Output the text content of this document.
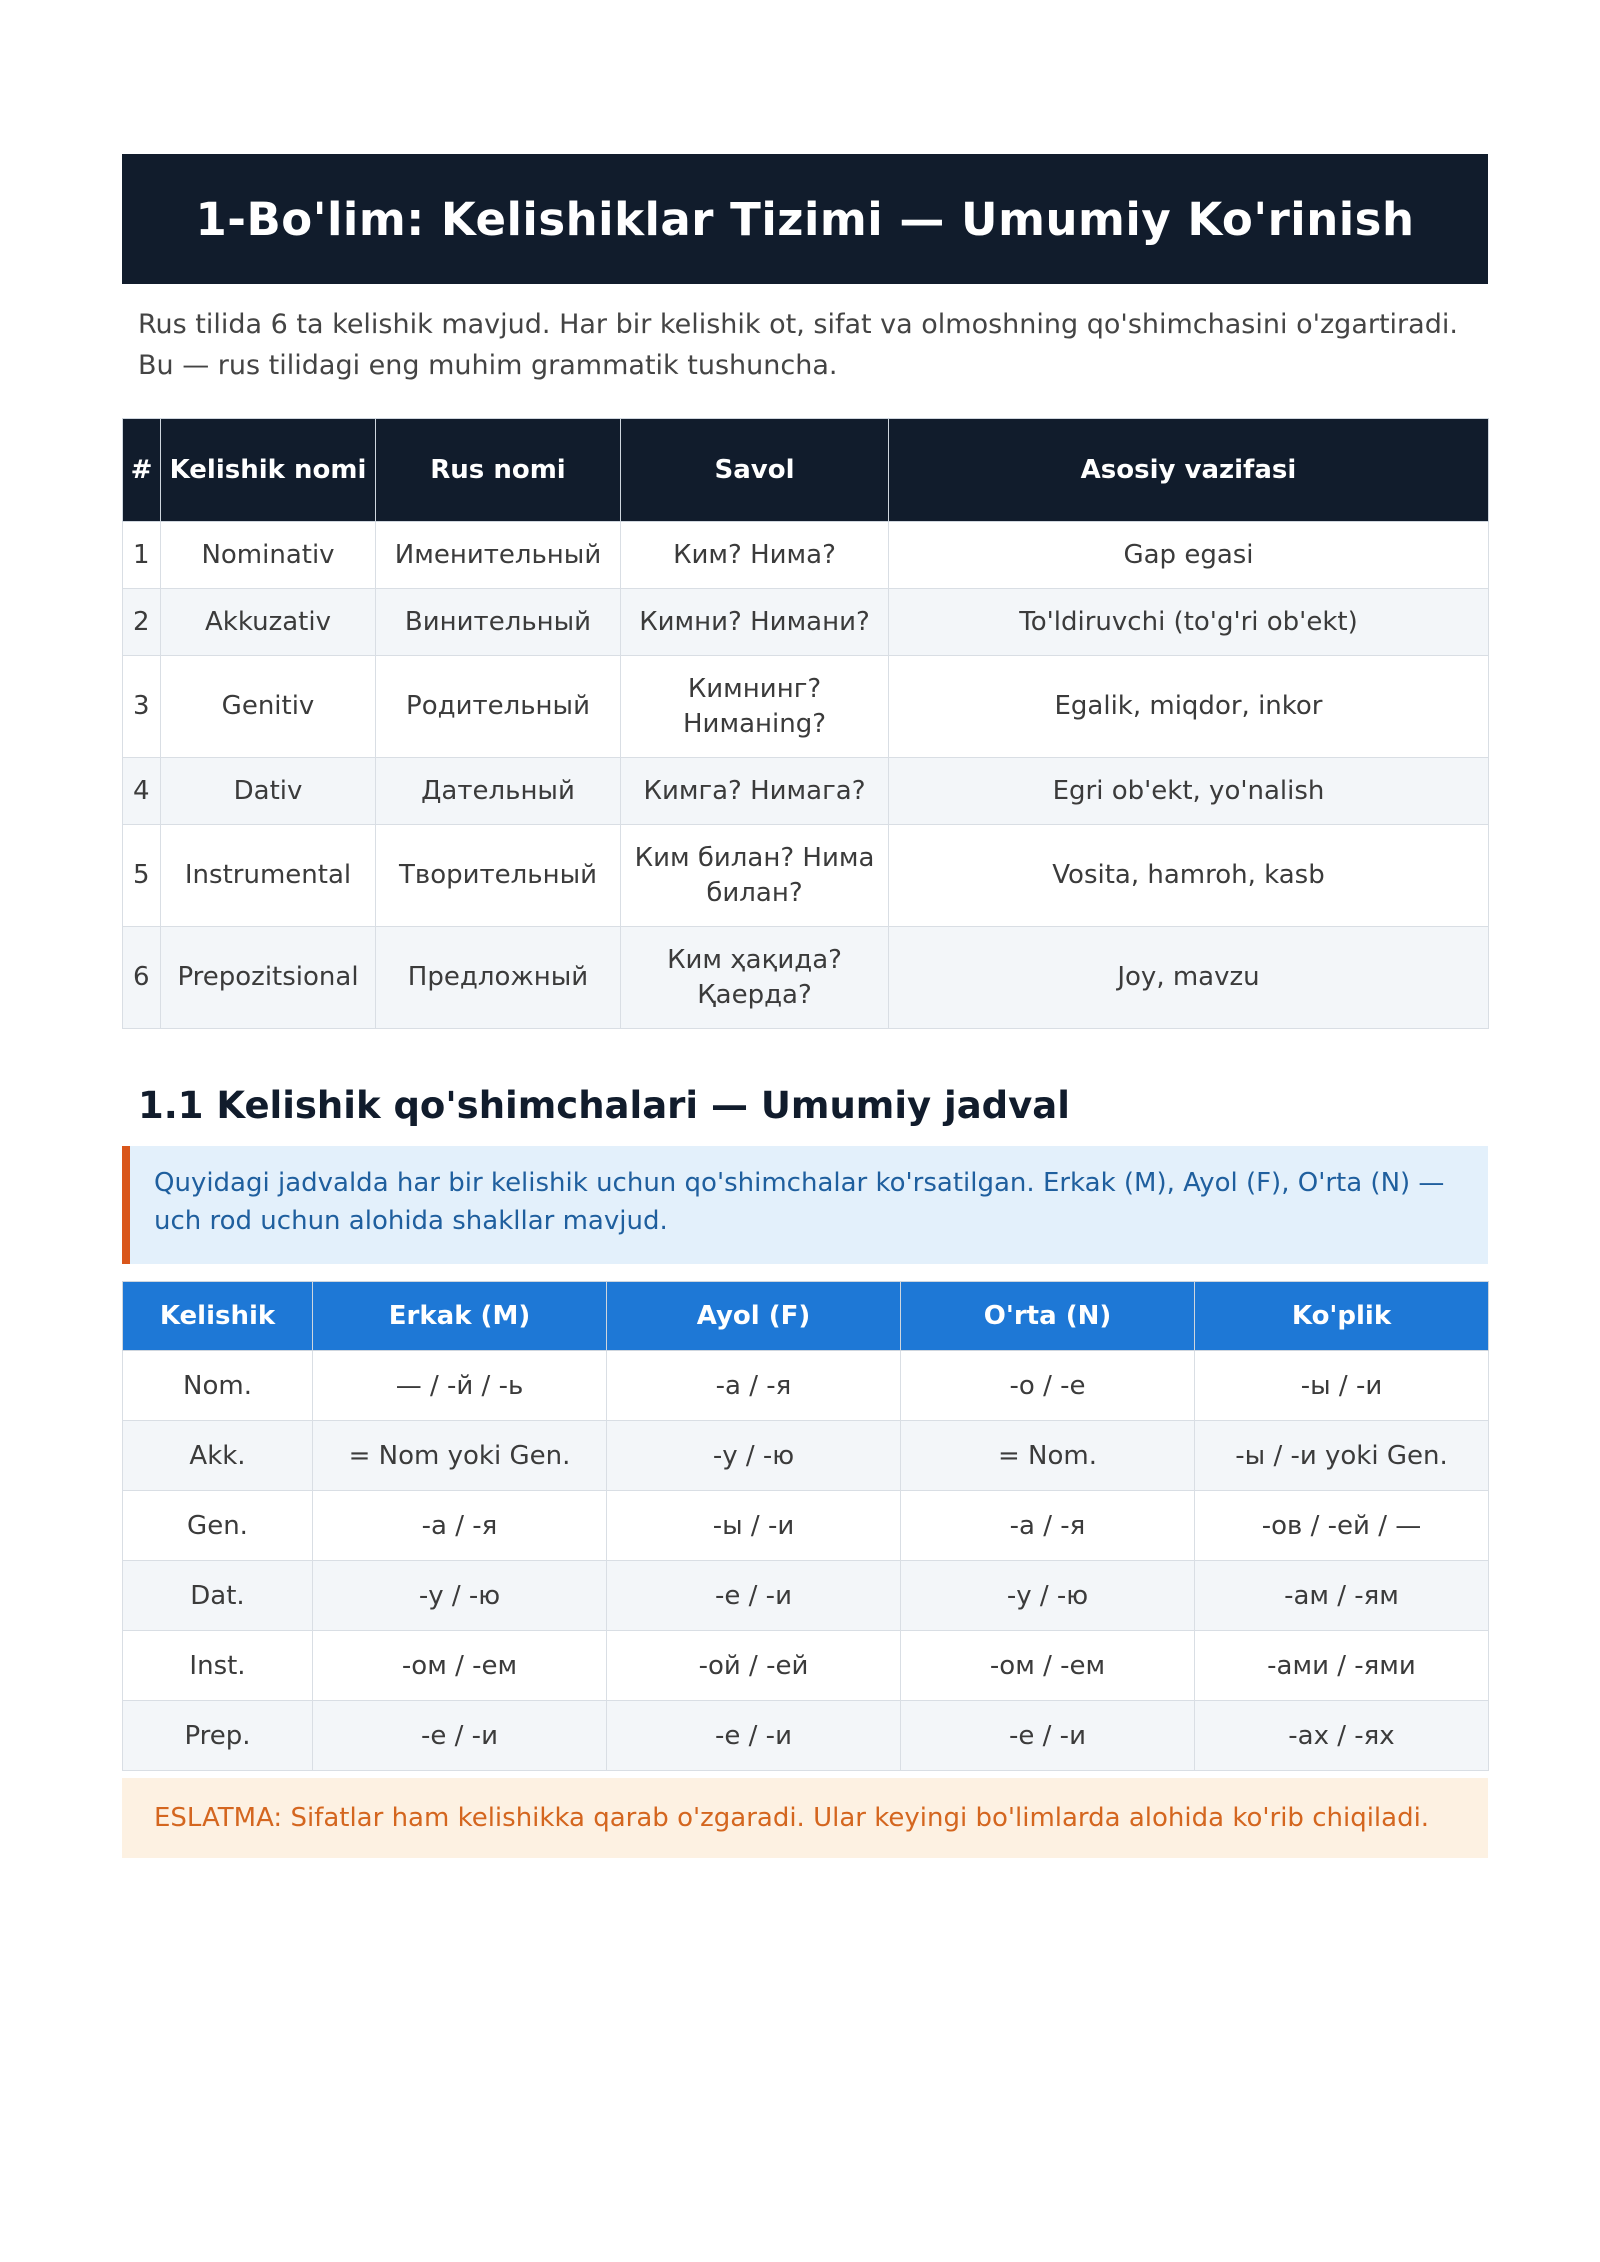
1-Bo'lim: Kelishiklar Tizimi — Umumiy Ko'rinish

Rus tilida 6 ta kelishik mavjud. Har bir kelishik ot, sifat va olmoshning qo'shimchasini o'zgartiradi.

Bu — rus tilidagi eng muhim grammatik tushuncha.

#	Kelishik nomi	Rus nomi	Savol	Asosiy vazifasi
1	Nominativ	Именительный	Ким? Нима?	Gap egasi
2	Akkuzativ	Винительный	Кимни? Нимани?	To'ldiruvchi (to'g'ri ob'ekt)
3	Genitiv	Родительный	Кимнинг? Ниманing?	Egalik, miqdor, inkor
4	Dativ	Дательный	Кимга? Нимага?	Egri ob'ekt, yo'nalish
5	Instrumental	Творительный	Ким билан? Нима билан?	Vosita, hamroh, kasb
6	Prepozitsional	Предложный	Ким ҳақида? Қаерда?	Joy, mavzu
1.1 Kelishik qo'shimchalari — Umumiy jadval

Quyidagi jadvalda har bir kelishik uchun qo'shimchalar ko'rsatilgan. Erkak (M), Ayol (F), O'rta (N) —

uch rod uchun alohida shakllar mavjud.

Kelishik	Erkak (M)	Ayol (F)	O'rta (N)	Ko'plik
Nom.	— / -й / -ь	-а / -я	-о / -е	-ы / -и
Akk.	= Nom yoki Gen.	-у / -ю	= Nom.	-ы / -и yoki Gen.
Gen.	-а / -я	-ы / -и	-а / -я	-ов / -ей / —
Dat.	-у / -ю	-е / -и	-у / -ю	-ам / -ям
Inst.	-ом / -ем	-ой / -ей	-ом / -ем	-ами / -ями
Prep.	-е / -и	-е / -и	-е / -и	-ах / -ях
ESLATMA: Sifatlar ham kelishikka qarab o'zgaradi. Ular keyingi bo'limlarda alohida ko'rib chiqiladi.
